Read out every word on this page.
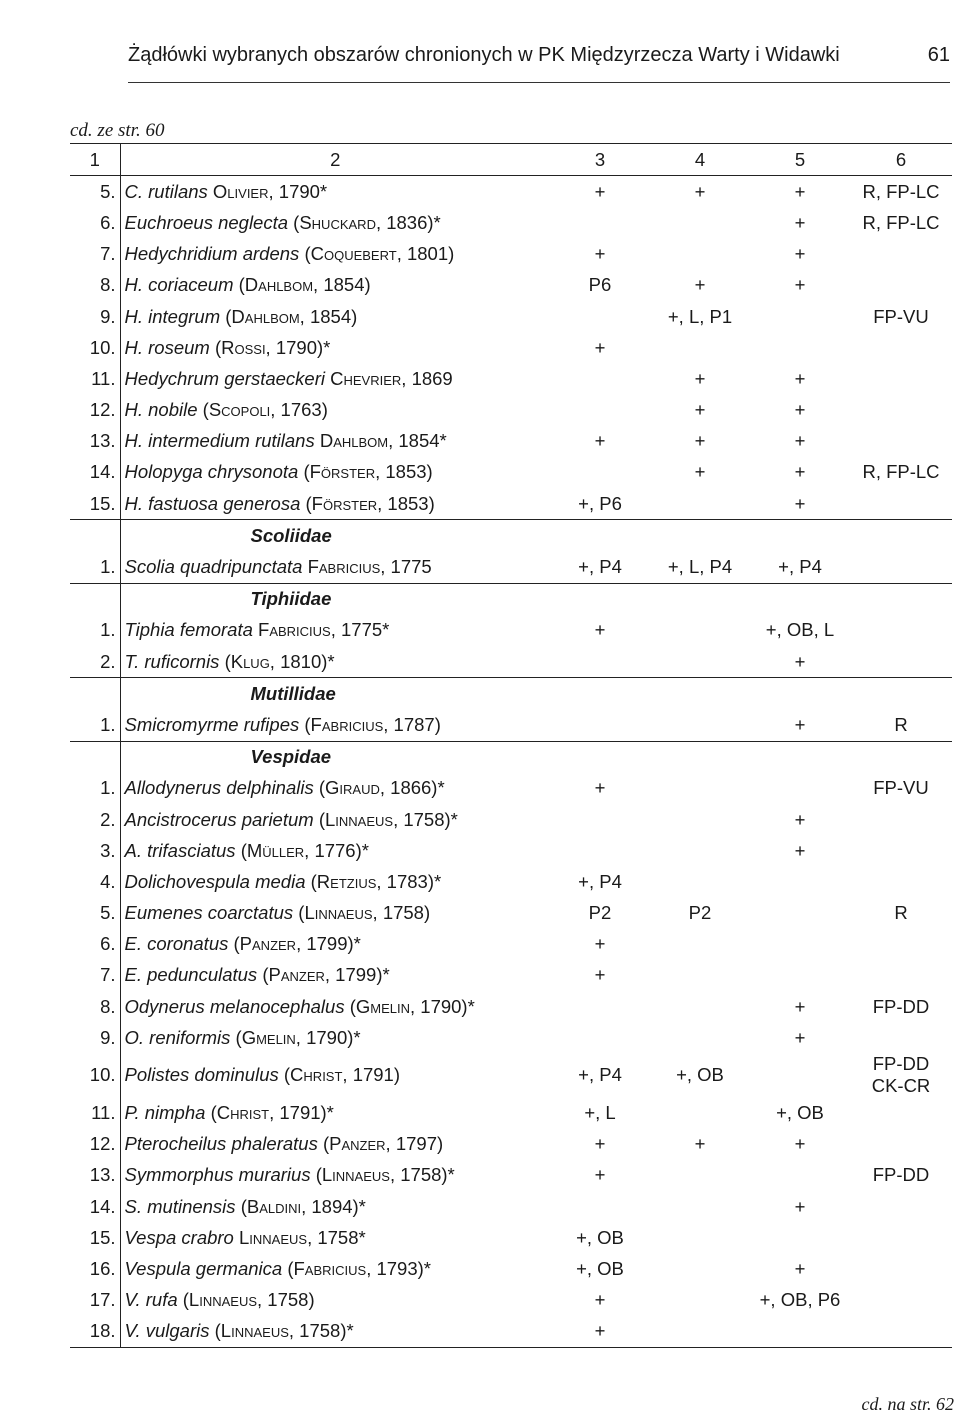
Żądłówki wybranych obszarów chronionych w PK Międzyrzecza Warty i Widawki	61
cd. ze str. 60
1	2	3	4	5	6
5.	C. rutilans Olivier, 1790*	+	+	+	R, FP-LC
6.	Euchroeus neglecta (Shuckard, 1836)*			+	R, FP-LC
7.	Hedychridium ardens (Coquebert, 1801)	+		+	
8.	H. coriaceum (Dahlbom, 1854)	P6	+	+	
9.	H. integrum (Dahlbom, 1854)		+, L, P1		FP-VU
10.	H. roseum (Rossi, 1790)*	+			
11.	Hedychrum gerstaeckeri Chevrier, 1869		+	+	
12.	H. nobile (Scopoli, 1763)		+	+	
13.	H. intermedium rutilans Dahlbom, 1854*	+	+	+	
14.	Holopyga chrysonota (Förster, 1853)		+	+	R, FP-LC
15.	H. fastuosa generosa (Förster, 1853)	+, P6		+	
	Scoliidae				
1.	Scolia quadripunctata Fabricius, 1775	+, P4	+, L, P4	+, P4	
	Tiphiidae				
1.	Tiphia femorata Fabricius, 1775*	+		+, OB, L	
2.	T. ruficornis (Klug, 1810)*			+	
	Mutillidae				
1.	Smicromyrme rufipes (Fabricius, 1787)			+	R
	Vespidae				
1.	Allodynerus delphinalis (Giraud, 1866)*	+			FP-VU
2.	Ancistrocerus parietum (Linnaeus, 1758)*			+	
3.	A. trifasciatus (Müller, 1776)*			+	
4.	Dolichovespula media (Retzius, 1783)*	+, P4			
5.	Eumenes coarctatus (Linnaeus, 1758)	P2	P2		R
6.	E. coronatus (Panzer, 1799)*	+			
7.	E. pedunculatus (Panzer, 1799)*	+			
8.	Odynerus melanocephalus (Gmelin, 1790)*			+	FP-DD
9.	O. reniformis (Gmelin, 1790)*			+	
10.	Polistes dominulus (Christ, 1791)	+, P4	+, OB		FP-DD
CK-CR

11.	P. nimpha (Christ, 1791)*	+, L		+, OB	
12.	Pterocheilus phaleratus (Panzer, 1797)	+	+	+	
13.	Symmorphus murarius (Linnaeus, 1758)*	+			FP-DD
14.	S. mutinensis (Baldini, 1894)*			+	
15.	Vespa crabro Linnaeus, 1758*	+, OB			
16.	Vespula germanica (Fabricius, 1793)*	+, OB		+	
17.	V. rufa (Linnaeus, 1758)	+		+, OB, P6	
18.	V. vulgaris (Linnaeus, 1758)*	+			
cd. na str. 62
